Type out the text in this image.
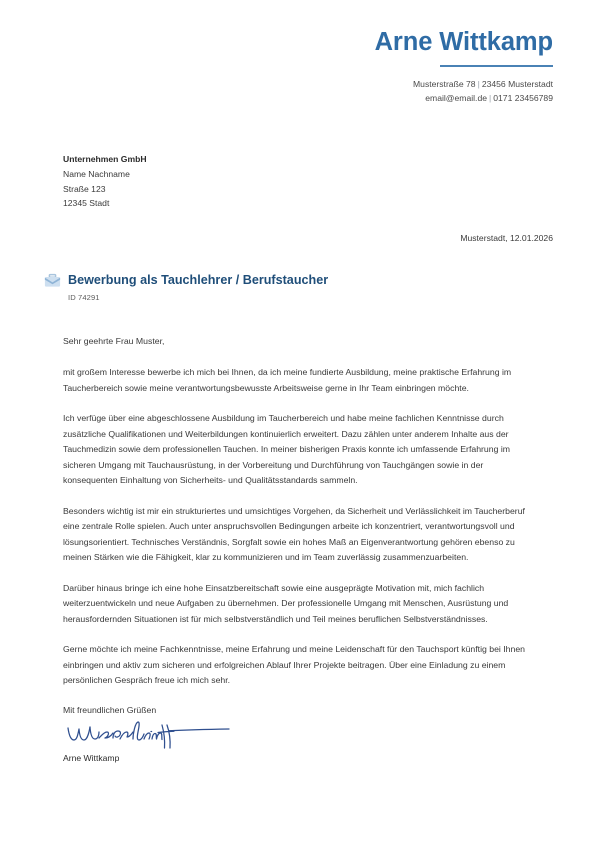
Arne Wittkamp
Musterstraße 78 | 23456 Musterstadt
email@email.de | 0171 23456789
Unternehmen GmbH
Name Nachname
Straße 123
12345 Stadt
Musterstadt, 12.01.2026
Bewerbung als Tauchlehrer / Berufstaucher
ID 74291
Sehr geehrte Frau Muster,

mit großem Interesse bewerbe ich mich bei Ihnen, da ich meine fundierte Ausbildung, meine praktische Erfahrung im Taucherbereich sowie meine verantwortungsbewusste Arbeitsweise gerne in Ihr Team einbringen möchte.

Ich verfüge über eine abgeschlossene Ausbildung im Taucherbereich und habe meine fachlichen Kenntnisse durch zusätzliche Qualifikationen und Weiterbildungen kontinuierlich erweitert. Dazu zählen unter anderem Inhalte aus der Tauchmedizin sowie dem professionellen Tauchen. In meiner bisherigen Praxis konnte ich umfassende Erfahrung im sicheren Umgang mit Tauchausrüstung, in der Vorbereitung und Durchführung von Tauchgängen sowie in der konsequenten Einhaltung von Sicherheits- und Qualitätsstandards sammeln.

Besonders wichtig ist mir ein strukturiertes und umsichtiges Vorgehen, da Sicherheit und Verlässlichkeit im Taucherberuf eine zentrale Rolle spielen. Auch unter anspruchsvollen Bedingungen arbeite ich konzentriert, verantwortungsvoll und lösungsorientiert. Technisches Verständnis, Sorgfalt sowie ein hohes Maß an Eigenverantwortung gehören ebenso zu meinen Stärken wie die Fähigkeit, klar zu kommunizieren und im Team zuverlässig zusammenzuarbeiten.

Darüber hinaus bringe ich eine hohe Einsatzbereitschaft sowie eine ausgeprägte Motivation mit, mich fachlich weiterzuentwickeln und neue Aufgaben zu übernehmen. Der professionelle Umgang mit Menschen, Ausrüstung und herausfordernden Situationen ist für mich selbstverständlich und Teil meines beruflichen Selbstverständnisses.

Gerne möchte ich meine Fachkenntnisse, meine Erfahrung und meine Leidenschaft für den Tauchsport künftig bei Ihnen einbringen und aktiv zum sicheren und erfolgreichen Ablauf Ihrer Projekte beitragen. Über eine Einladung zu einem persönlichen Gespräch freue ich mich sehr.

Mit freundlichen Grüßen
Arne Wittkamp
